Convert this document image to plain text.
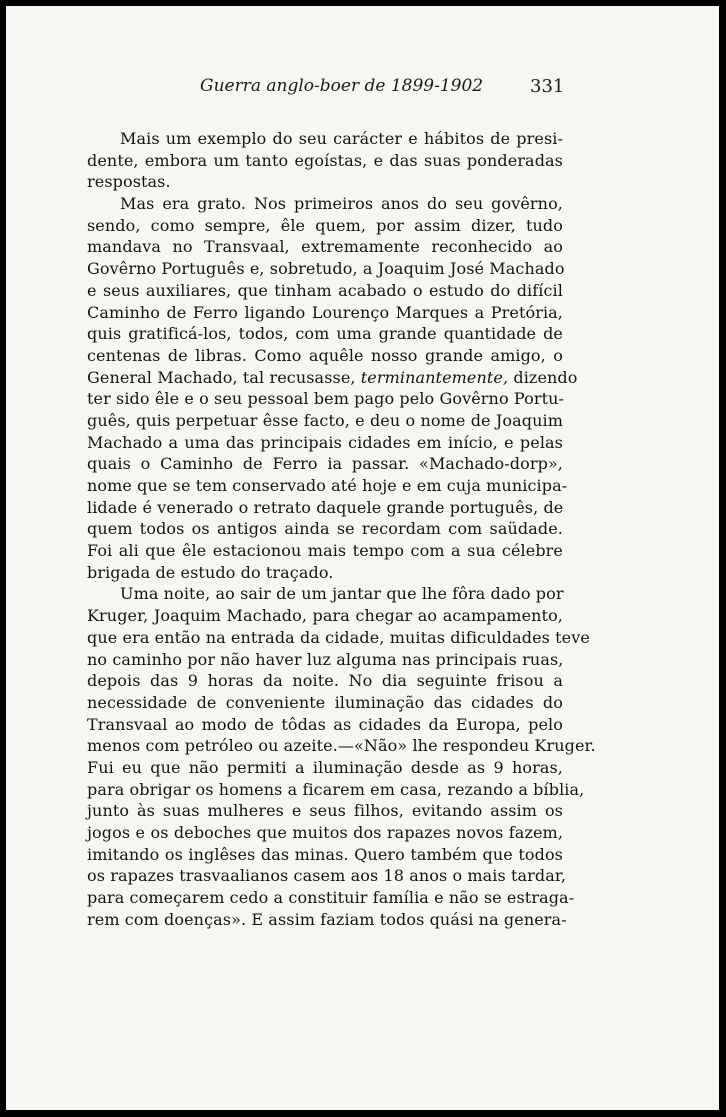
Guerra anglo-boer de 1899-1902	331
Mais um exemplo do seu carácter e hábitos de presi-
dente, embora um tanto egoístas, e das suas ponderadas
respostas.
Mas era grato. Nos primeiros anos do seu govêrno,
sendo, como sempre, êle quem, por assim dizer, tudo
mandava no Transvaal, extremamente reconhecido ao
Govêrno Português e, sobretudo, a Joaquim José Machado
e seus auxiliares, que tinham acabado o estudo do difícil
Caminho de Ferro ligando Lourenço Marques a Pretória,
quis gratificá-los, todos, com uma grande quantidade de
centenas de libras. Como aquêle nosso grande amigo, o
General Machado, tal recusasse, terminantemente, dizendo
ter sido êle e o seu pessoal bem pago pelo Govêrno Portu-
guês, quis perpetuar êsse facto, e deu o nome de Joaquim
Machado a uma das principais cidades em início, e pelas
quais o Caminho de Ferro ia passar. «Machado-dorp»,
nome que se tem conservado até hoje e em cuja municipa-
lidade é venerado o retrato daquele grande português, de
quem todos os antigos ainda se recordam com saüdade.
Foi ali que êle estacionou mais tempo com a sua célebre
brigada de estudo do traçado.
Uma noite, ao sair de um jantar que lhe fôra dado por
Kruger, Joaquim Machado, para chegar ao acampamento,
que era então na entrada da cidade, muitas dificuldades teve
no caminho por não haver luz alguma nas principais ruas,
depois das 9 horas da noite. No dia seguinte frisou a
necessidade de conveniente iluminação das cidades do
Transvaal ao modo de tôdas as cidades da Europa, pelo
menos com petróleo ou azeite.—«Não» lhe respondeu Kruger.
Fui eu que não permiti a iluminação desde as 9 horas,
para obrigar os homens a ficarem em casa, rezando a bíblia,
junto às suas mulheres e seus filhos, evitando assim os
jogos e os deboches que muitos dos rapazes novos fazem,
imitando os inglêses das minas. Quero também que todos
os rapazes trasvaalianos casem aos 18 anos o mais tardar,
para começarem cedo a constituir família e não se estraga-
rem com doenças». E assim faziam todos quási na genera-
